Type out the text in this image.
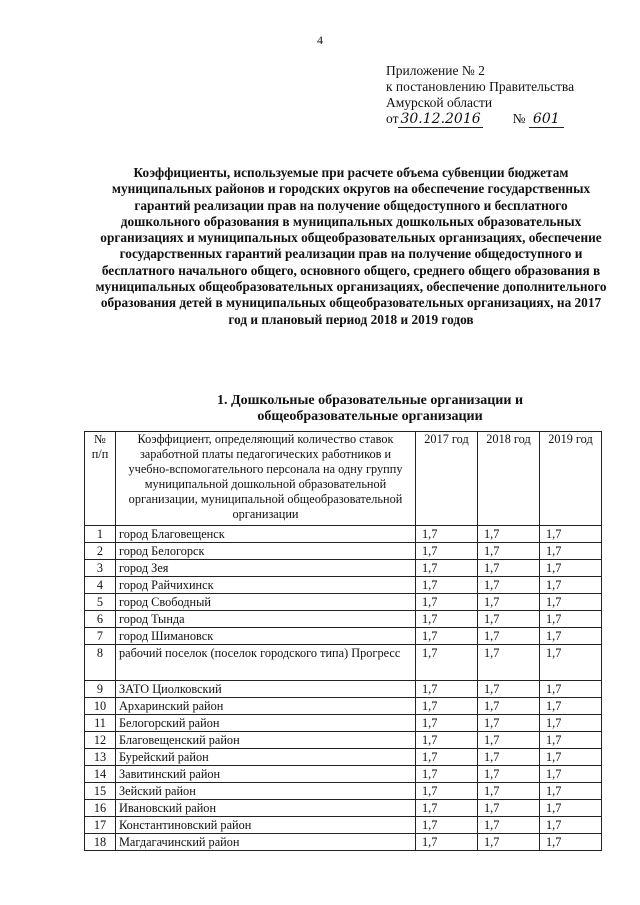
4
Приложение № 2
к постановлению Правительства
Амурской области
от 30.12.2016 № 601
Коэффициенты, используемые при расчете объема субвенции бюджетам муниципальных районов и городских округов на обеспечение государственных гарантий реализации прав на получение общедоступного и бесплатного дошкольного образования в муниципальных дошкольных образовательных организациях и муниципальных общеобразовательных организациях, обеспечение государственных гарантий реализации прав на получение общедоступного и бесплатного начального общего, основного общего, среднего общего образования в муниципальных общеобразовательных организациях, обеспечение дополнительного образования детей в муниципальных общеобразовательных организациях, на 2017 год и плановый период 2018 и 2019 годов
1. Дошкольные образовательные организации и общеобразовательные организации
№ п/п	Коэффициент, определяющий количество ставок заработной платы педагогических работников и учебно-вспомогательного персонала на одну группу муниципальной дошкольной образовательной организации, муниципальной общеобразовательной организации	2017 год	2018 год	2019 год
1	город Благовещенск	1,7	1,7	1,7
2	город Белогорск	1,7	1,7	1,7
3	город Зея	1,7	1,7	1,7
4	город Райчихинск	1,7	1,7	1,7
5	город Свободный	1,7	1,7	1,7
6	город Тында	1,7	1,7	1,7
7	город Шимановск	1,7	1,7	1,7
8	рабочий поселок (поселок городского типа) Прогресс	1,7	1,7	1,7
9	ЗАТО Циолковский	1,7	1,7	1,7
10	Архаринский район	1,7	1,7	1,7
11	Белогорский район	1,7	1,7	1,7
12	Благовещенский район	1,7	1,7	1,7
13	Бурейский район	1,7	1,7	1,7
14	Завитинский район	1,7	1,7	1,7
15	Зейский район	1,7	1,7	1,7
16	Ивановский район	1,7	1,7	1,7
17	Константиновский район	1,7	1,7	1,7
18	Магдагачинский район	1,7	1,7	1,7
